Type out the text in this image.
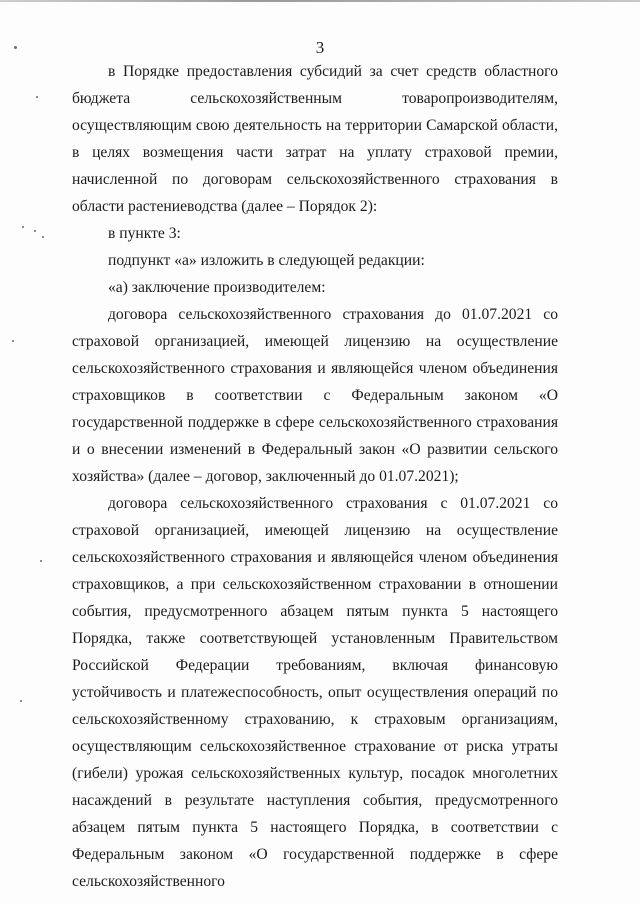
3

в Порядке предоставления субсидий за счет средств областного бюджета сельскохозяйственным товаропроизводителям, осуществляющим свою деятельность на территории Самарской области, в целях возмещения части затрат на уплату страховой премии, начисленной по договорам сельскохозяйственного страхования в области растениеводства (далее – Порядок 2):

в пункте 3:

подпункт «а» изложить в следующей редакции:

«а) заключение производителем:

договора сельскохозяйственного страхования до 01.07.2021 со страховой организацией, имеющей лицензию на осуществление сельскохозяйственного страхования и являющейся членом объединения страховщиков в соответствии с Федеральным законом «О государственной поддержке в сфере сельскохозяйственного страхования и о внесении изменений в Федеральный закон «О развитии сельского хозяйства» (далее – договор, заключенный до 01.07.2021);

договора сельскохозяйственного страхования с 01.07.2021 со страховой организацией, имеющей лицензию на осуществление сельскохозяйственного страхования и являющейся членом объединения страховщиков, а при сельскохозяйственном страховании в отношении события, предусмотренного абзацем пятым пункта 5 настоящего Порядка, также соответствующей установленным Правительством Российской Федерации требованиям, включая финансовую устойчивость и платежеспособность, опыт осуществления операций по сельскохозяйственному страхованию, к страховым организациям, осуществляющим сельскохозяйственное страхование от риска утраты (гибели) урожая сельскохозяйственных культур, посадок многолетних насаждений в результате наступления события, предусмотренного абзацем пятым пункта 5 настоящего Порядка, в соответствии с Федеральным законом «О государственной поддержке в сфере сельскохозяйственного
